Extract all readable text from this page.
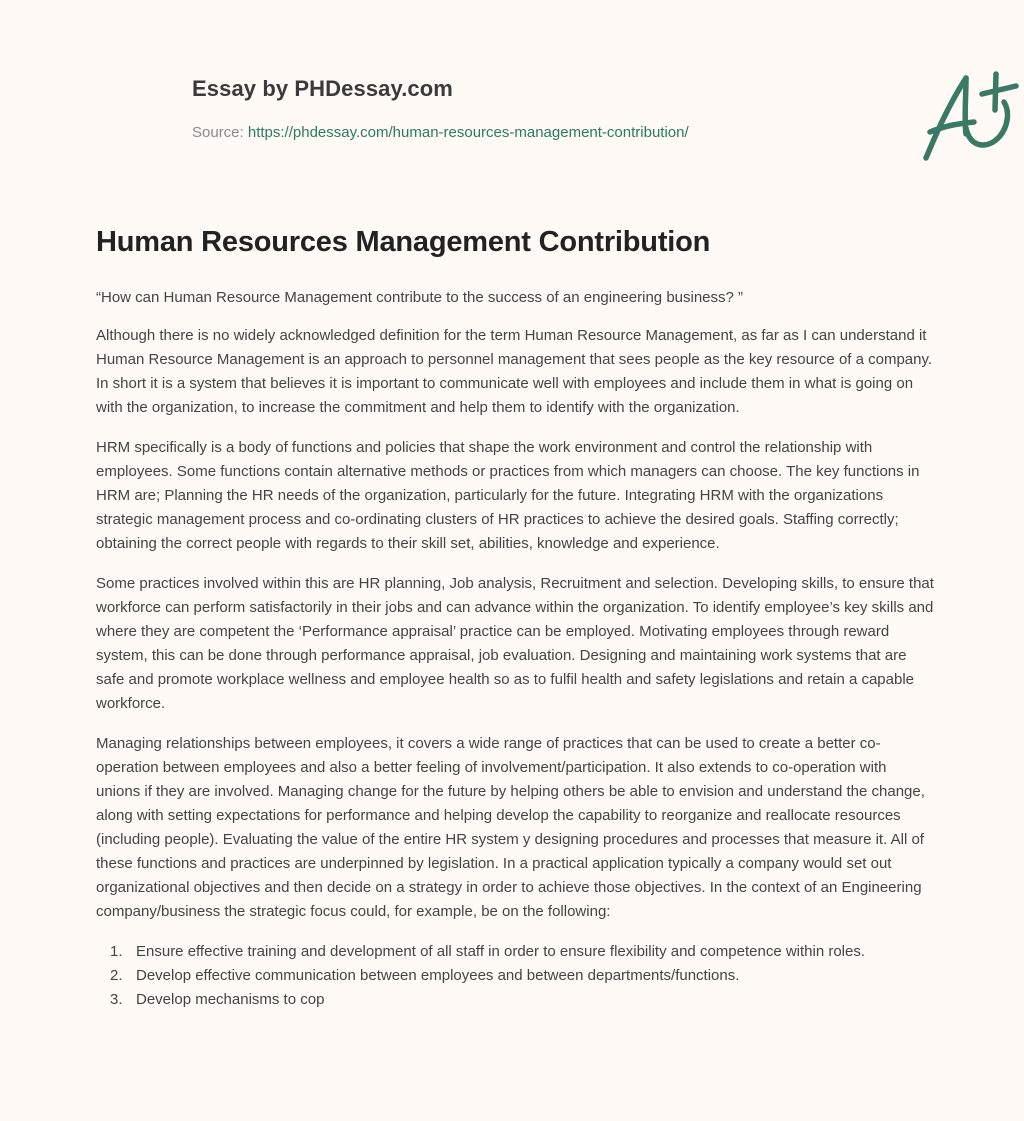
Essay by PHDessay.com
Source: https://phdessay.com/human-resources-management-contribution/
Human Resources Management Contribution

“How can Human Resource Management contribute to the success of an engineering business? ”

Although there is no widely acknowledged definition for the term Human Resource Management, as far as I can understand it Human Resource Management is an approach to personnel management that sees people as the key resource of a company. In short it is a system that believes it is important to communicate well with employees and include them in what is going on with the organization, to increase the commitment and help them to identify with the organization.

HRM specifically is a body of functions and policies that shape the work environment and control the relationship with employees. Some functions contain alternative methods or practices from which managers can choose. The key functions in HRM are; Planning the HR needs of the organization, particularly for the future. Integrating HRM with the organizations strategic management process and co-ordinating clusters of HR practices to achieve the desired goals. Staffing correctly; obtaining the correct people with regards to their skill set, abilities, knowledge and experience.

Some practices involved within this are HR planning, Job analysis, Recruitment and selection. Developing skills, to ensure that workforce can perform satisfactorily in their jobs and can advance within the organization. To identify employee’s key skills and where they are competent the ‘Performance appraisal’ practice can be employed. Motivating employees through reward system, this can be done through performance appraisal, job evaluation. Designing and maintaining work systems that are safe and promote workplace wellness and employee health so as to fulfil health and safety legislations and retain a capable workforce.

Managing relationships between employees, it covers a wide range of practices that can be used to create a better co-operation between employees and also a better feeling of involvement/participation. It also extends to co-operation with unions if they are involved. Managing change for the future by helping others be able to envision and understand the change, along with setting expectations for performance and helping develop the capability to reorganize and reallocate resources (including people). Evaluating the value of the entire HR system y designing procedures and processes that measure it. All of these functions and practices are underpinned by legislation. In a practical application typically a company would set out organizational objectives and then decide on a strategy in order to achieve those objectives. In the context of an Engineering company/business the strategic focus could, for example, be on the following:

1. Ensure effective training and development of all staff in order to ensure flexibility and competence within roles.
2. Develop effective communication between employees and between departments/functions.
3. Develop mechanisms to cop
